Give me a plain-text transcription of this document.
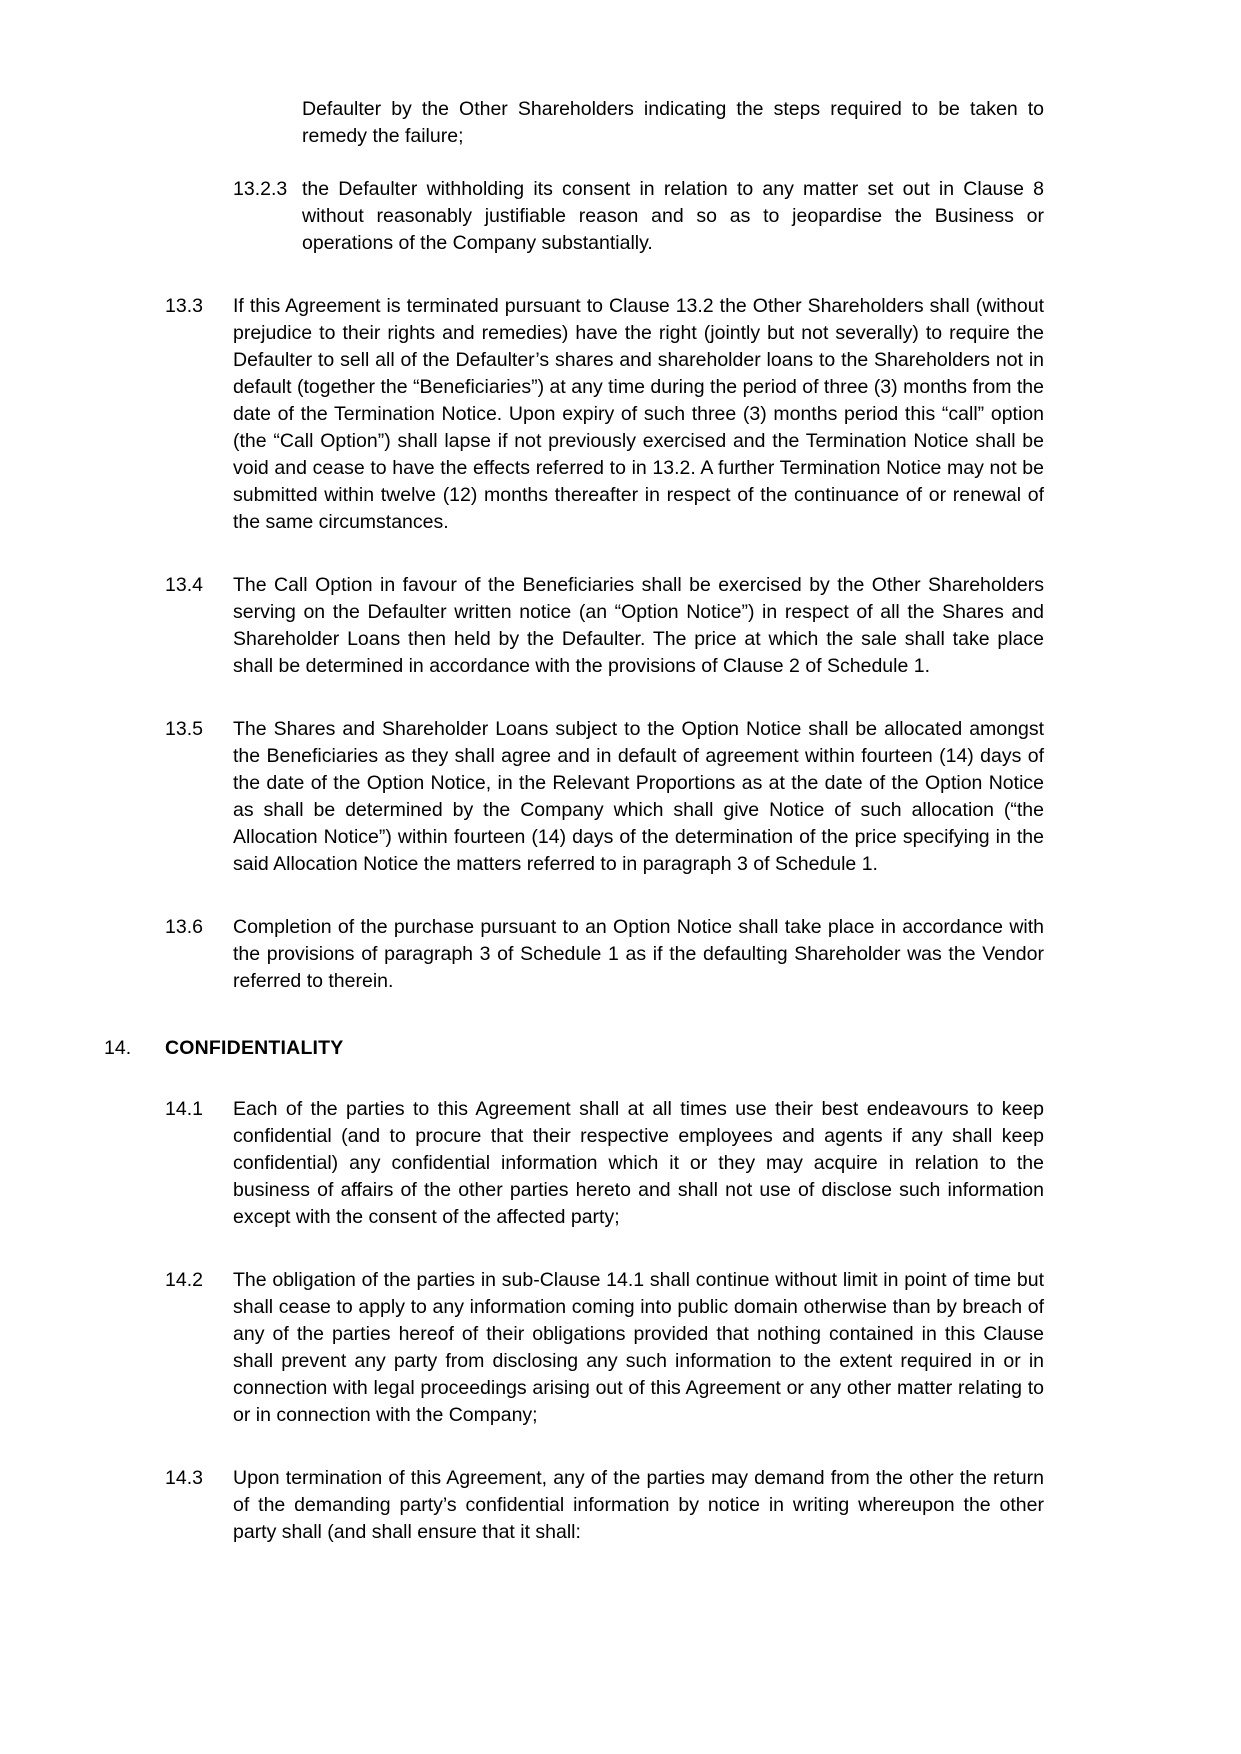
Defaulter by the Other Shareholders indicating the steps required to be taken to remedy the failure;
13.2.3 the Defaulter withholding its consent in relation to any matter set out in Clause 8 without reasonably justifiable reason and so as to jeopardise the Business or operations of the Company substantially.
13.3	If this Agreement is terminated pursuant to Clause 13.2 the Other Shareholders shall (without prejudice to their rights and remedies) have the right (jointly but not severally) to require the Defaulter to sell all of the Defaulter’s shares and shareholder loans to the Shareholders not in default (together the “Beneficiaries”) at any time during the period of three (3) months from the date of the Termination Notice. Upon expiry of such three (3) months period this “call” option (the “Call Option”) shall lapse if not previously exercised and the Termination Notice shall be void and cease to have the effects referred to in 13.2. A further Termination Notice may not be submitted within twelve (12) months thereafter in respect of the continuance of or renewal of the same circumstances.
13.4	The Call Option in favour of the Beneficiaries shall be exercised by the Other Shareholders serving on the Defaulter written notice (an “Option Notice”) in respect of all the Shares and Shareholder Loans then held by the Defaulter. The price at which the sale shall take place shall be determined in accordance with the provisions of Clause 2 of Schedule 1.
13.5	The Shares and Shareholder Loans subject to the Option Notice shall be allocated amongst the Beneficiaries as they shall agree and in default of agreement within fourteen (14) days of the date of the Option Notice, in the Relevant Proportions as at the date of the Option Notice as shall be determined by the Company which shall give Notice of such allocation (“the Allocation Notice”) within fourteen (14) days of the determination of the price specifying in the said Allocation Notice the matters referred to in paragraph 3 of Schedule 1.
13.6	Completion of the purchase pursuant to an Option Notice shall take place in accordance with the provisions of paragraph 3 of Schedule 1 as if the defaulting Shareholder was the Vendor referred to therein.
14.	CONFIDENTIALITY
14.1	Each of the parties to this Agreement shall at all times use their best endeavours to keep confidential (and to procure that their respective employees and agents if any shall keep confidential) any confidential information which it or they may acquire in relation to the business of affairs of the other parties hereto and shall not use of disclose such information except with the consent of the affected party;
14.2	The obligation of the parties in sub-Clause 14.1 shall continue without limit in point of time but shall cease to apply to any information coming into public domain otherwise than by breach of any of the parties hereof of their obligations provided that nothing contained in this Clause shall prevent any party from disclosing any such information to the extent required in or in connection with legal proceedings arising out of this Agreement or any other matter relating to or in connection with the Company;
14.3	Upon termination of this Agreement, any of the parties may demand from the other the return of the demanding party’s confidential information by notice in writing whereupon the other party shall (and shall ensure that it shall:
